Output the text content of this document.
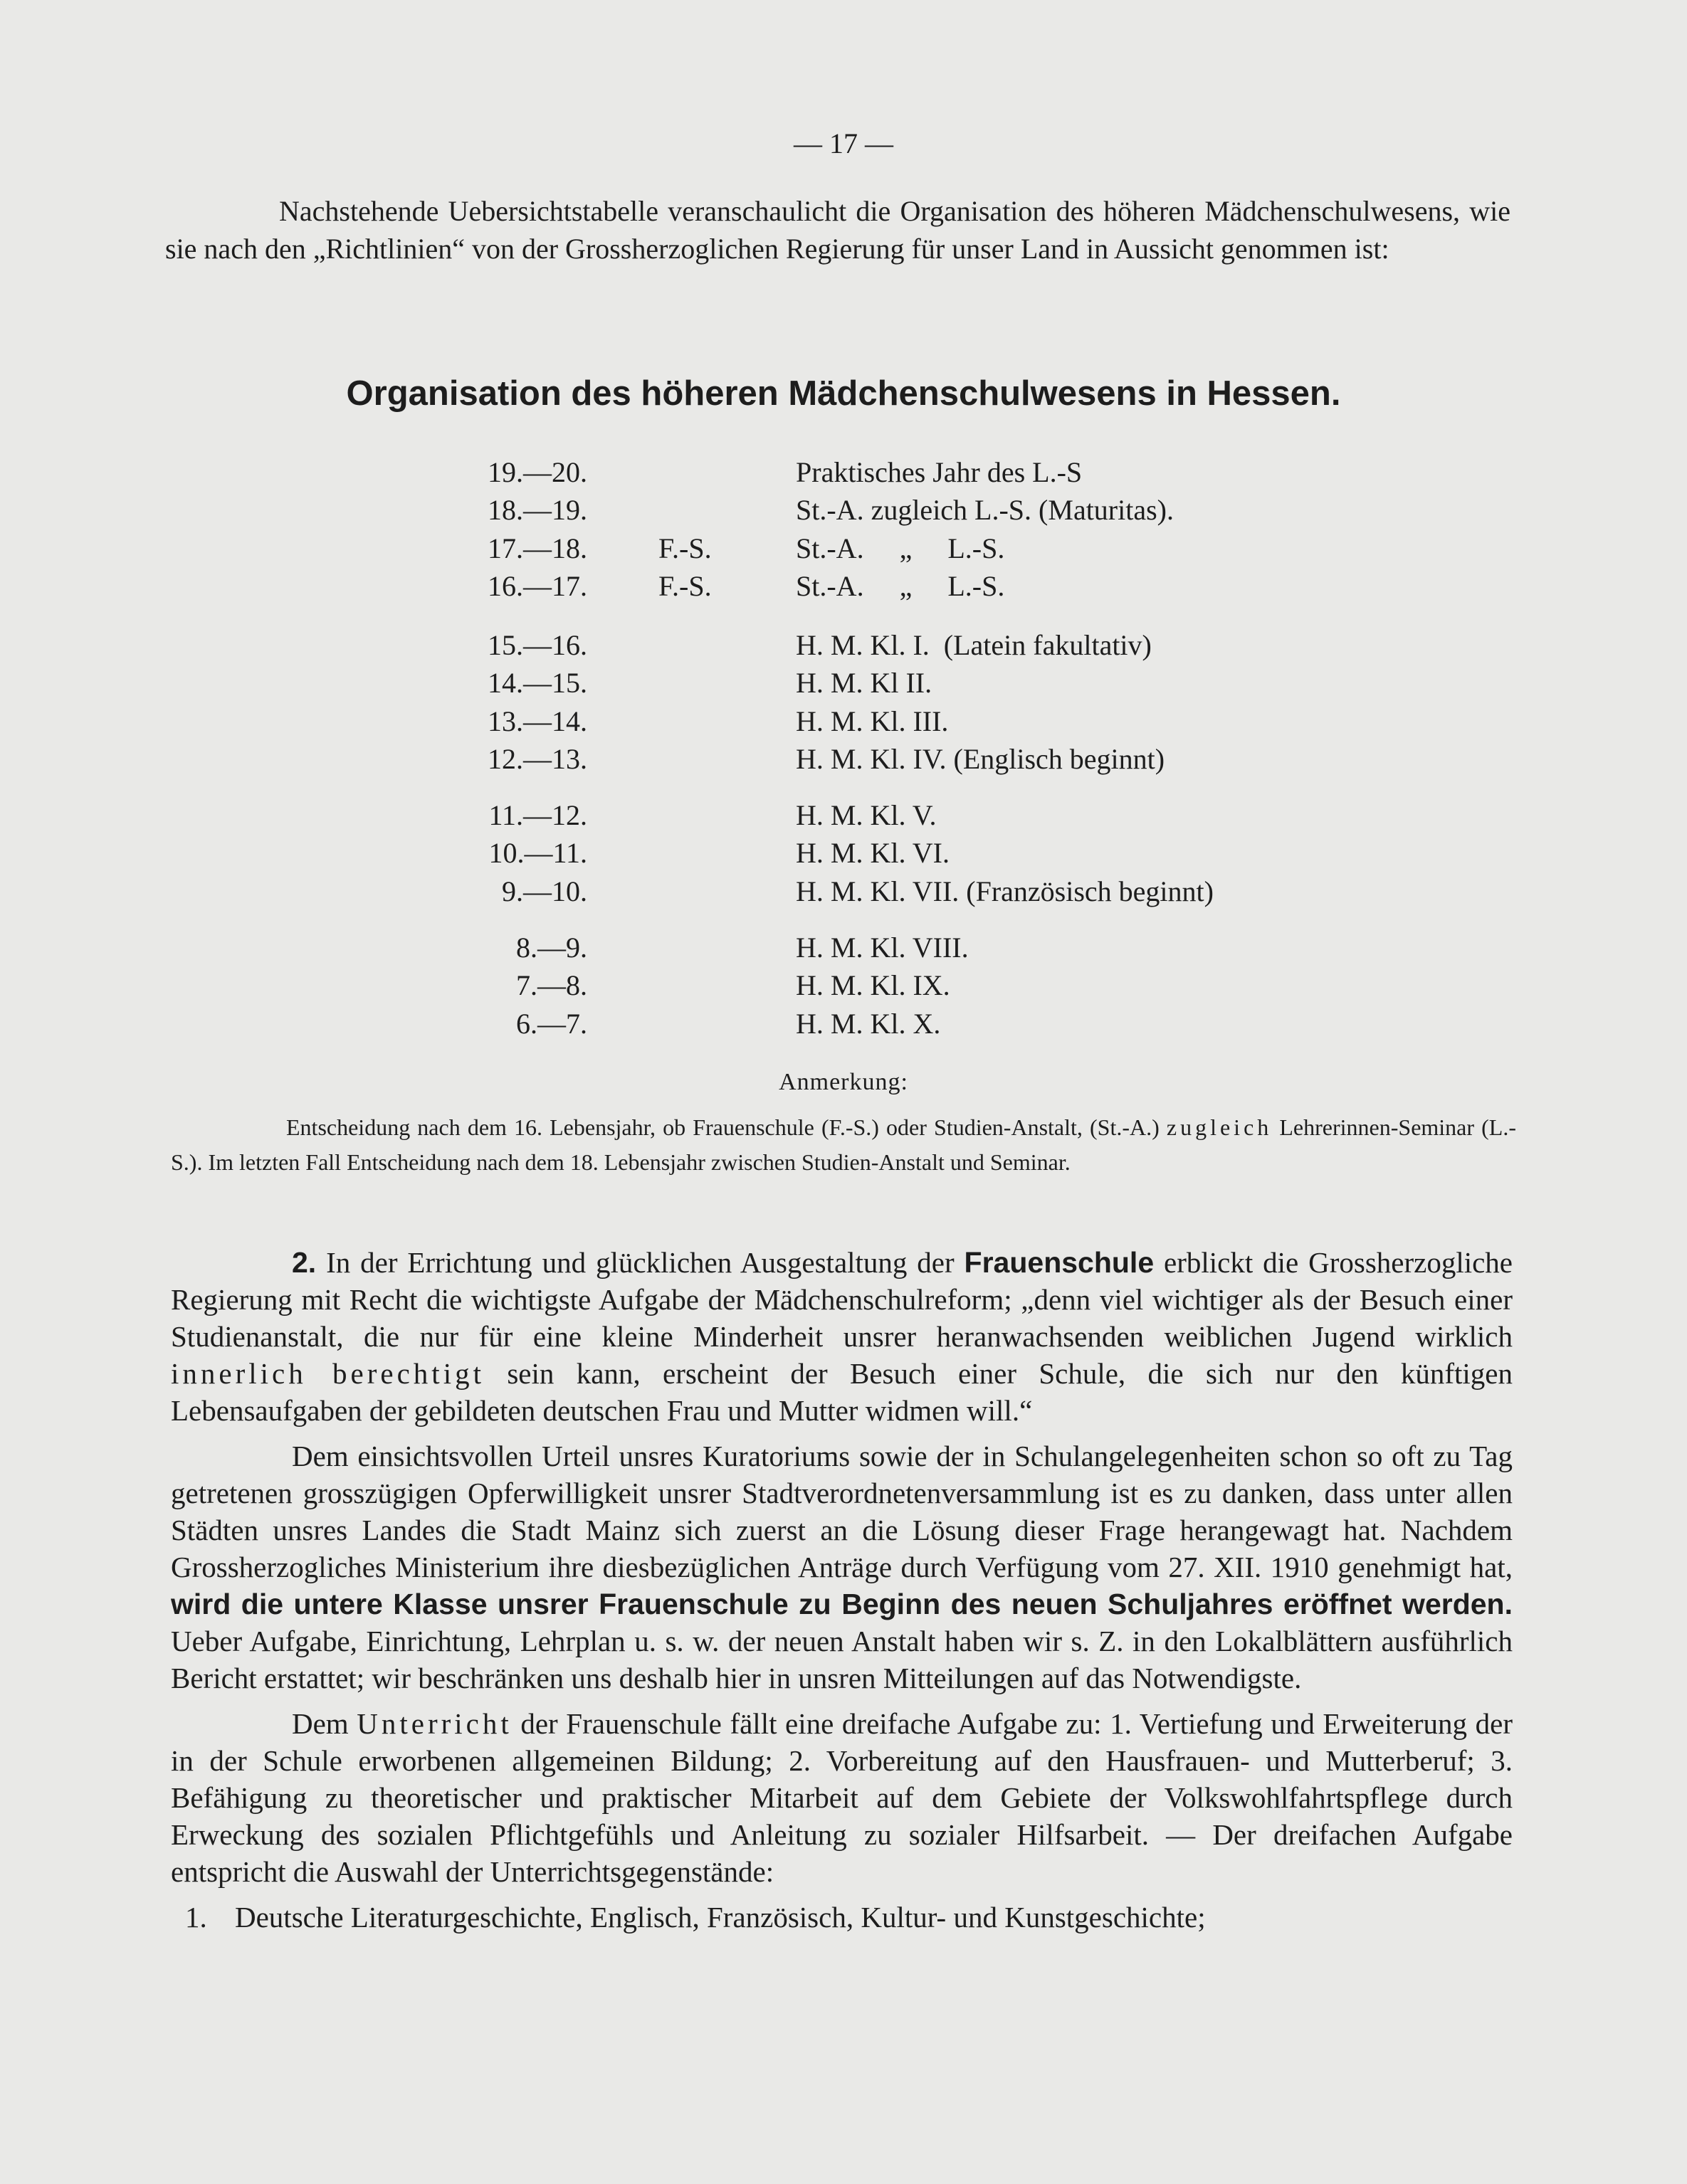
— 17 —

Nachstehende Uebersichtstabelle veranschaulicht die Organisation des höheren Mädchenschulwesens, wie sie nach den „Richtlinien“ von der Grossherzoglichen Regierung für unser Land in Aussicht genommen ist:

Organisation des höheren Mädchenschulwesens in Hessen.
19.—20.	Praktisches Jahr des L.-S
18.—19.	St.-A. zugleich L.-S. (Maturitas).
17.—18.	F.-S.	St.-A.     „     L.-S.
16.—17.	F.-S.	St.-A.     „     L.-S.
15.—16.	H. M. Kl. I.  (Latein fakultativ)
14.—15.	H. M. Kl II.
13.—14.	H. M. Kl. III.
12.—13.	H. M. Kl. IV. (Englisch beginnt)
11.—12.	H. M. Kl. V.
10.—11.	H. M. Kl. VI.
9.—10.	H. M. Kl. VII. (Französisch beginnt)
8.—9.	H. M. Kl. VIII.
7.—8.	H. M. Kl. IX.
6.—7.	H. M. Kl. X.
Anmerkung:

Entscheidung nach dem 16. Lebensjahr, ob Frauenschule (F.-S.) oder Studien-Anstalt, (St.-A.) zugleich Lehrerinnen-Seminar (L.-S.). Im letzten Fall Entscheidung nach dem 18. Lebensjahr zwischen Studien-Anstalt und Seminar.

2. In der Errichtung und glücklichen Ausgestaltung der Frauenschule erblickt die Grossherzogliche Regierung mit Recht die wichtigste Aufgabe der Mädchenschulreform; „denn viel wichtiger als der Besuch einer Studienanstalt, die nur für eine kleine Minderheit unsrer heranwachsenden weiblichen Jugend wirklich innerlich berechtigt sein kann, erscheint der Besuch einer Schule, die sich nur den künftigen Lebensaufgaben der gebildeten deutschen Frau und Mutter widmen will.“

Dem einsichtsvollen Urteil unsres Kuratoriums sowie der in Schulangelegenheiten schon so oft zu Tag getretenen grosszügigen Opferwilligkeit unsrer Stadtverordnetenversammlung ist es zu danken, dass unter allen Städten unsres Landes die Stadt Mainz sich zuerst an die Lösung dieser Frage herangewagt hat. Nachdem Grossherzogliches Ministerium ihre diesbezüglichen Anträge durch Verfügung vom 27. XII. 1910 genehmigt hat, wird die untere Klasse unsrer Frauenschule zu Beginn des neuen Schuljahres eröffnet werden. Ueber Aufgabe, Einrichtung, Lehrplan u. s. w. der neuen Anstalt haben wir s. Z. in den Lokalblättern ausführlich Bericht erstattet; wir beschränken uns deshalb hier in unsren Mitteilungen auf das Notwendigste.

Dem Unterricht der Frauenschule fällt eine dreifache Aufgabe zu: 1. Vertiefung und Erweiterung der in der Schule erworbenen allgemeinen Bildung; 2. Vorbereitung auf den Hausfrauen- und Mutterberuf; 3. Befähigung zu theoretischer und praktischer Mitarbeit auf dem Gebiete der Volkswohlfahrtspflege durch Erweckung des sozialen Pflichtgefühls und Anleitung zu sozialer Hilfsarbeit. — Der dreifachen Aufgabe entspricht die Auswahl der Unterrichtsgegenstände:

1. Deutsche Literaturgeschichte, Englisch, Französisch, Kultur- und Kunstgeschichte;
